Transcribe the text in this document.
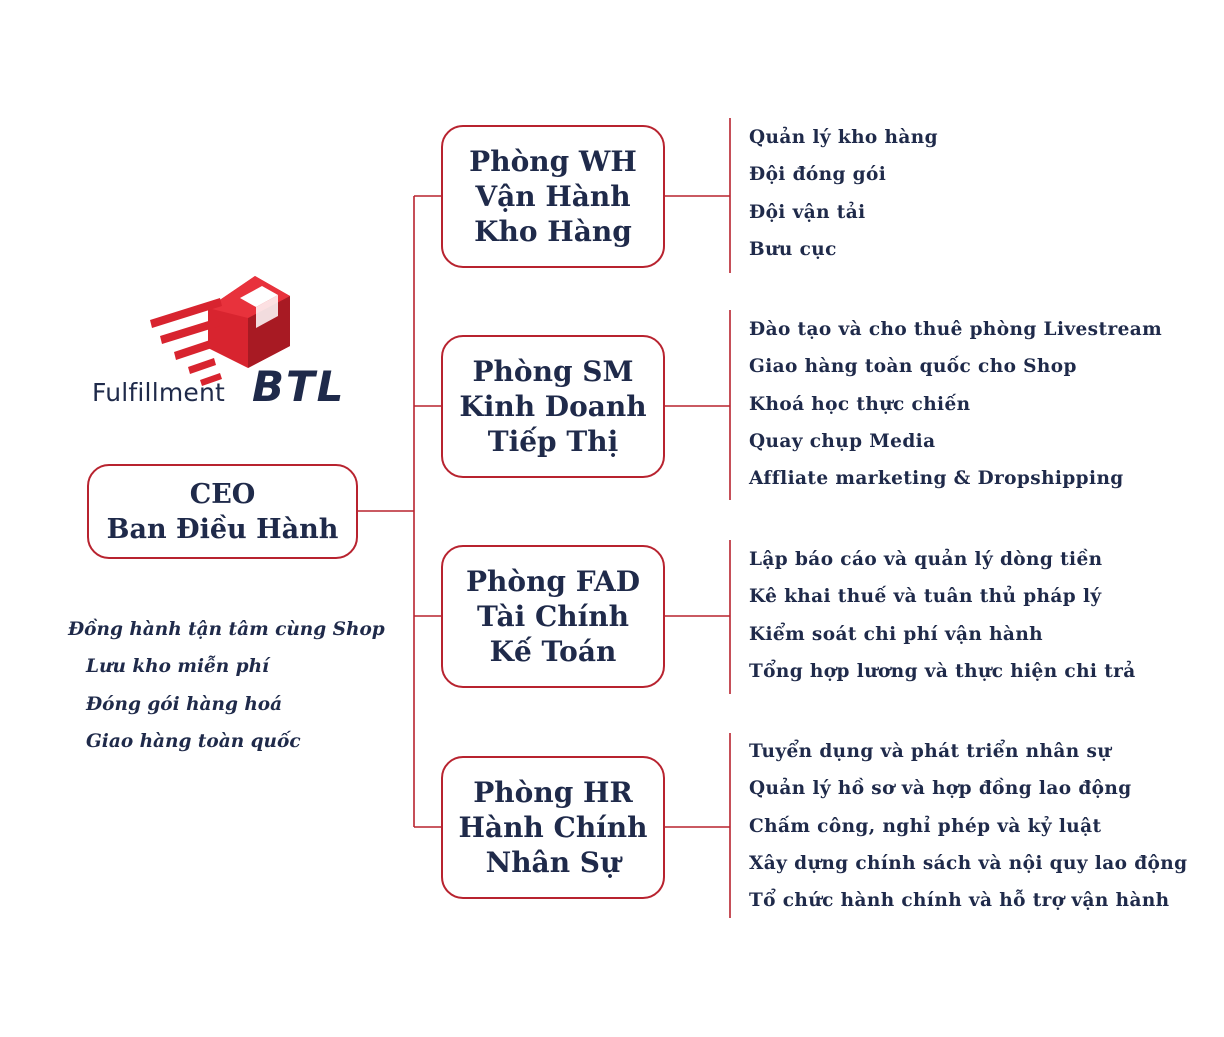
Fulfillment BTL
CEO
Ban Điều Hành
Đồng hành tận tâm cùng Shop
Lưu kho miễn phí
Đóng gói hàng hoá
Giao hàng toàn quốc
Phòng WH
Vận Hành
Kho Hàng
Quản lý kho hàng
Đội đóng gói
Đội vận tải
Bưu cục
Phòng SM
Kinh Doanh
Tiếp Thị
Đào tạo và cho thuê phòng Livestream
Giao hàng toàn quốc cho Shop
Khoá học thực chiến
Quay chụp Media
Affliate marketing & Dropshipping
Phòng FAD
Tài Chính
Kế Toán
Lập báo cáo và quản lý dòng tiền
Kê khai thuế và tuân thủ pháp lý
Kiểm soát chi phí vận hành
Tổng hợp lương và thực hiện chi trả
Phòng HR
Hành Chính
Nhân Sự
Tuyển dụng và phát triển nhân sự
Quản lý hồ sơ và hợp đồng lao động
Chấm công, nghỉ phép và kỷ luật
Xây dựng chính sách và nội quy lao động
Tổ chức hành chính và hỗ trợ vận hành
